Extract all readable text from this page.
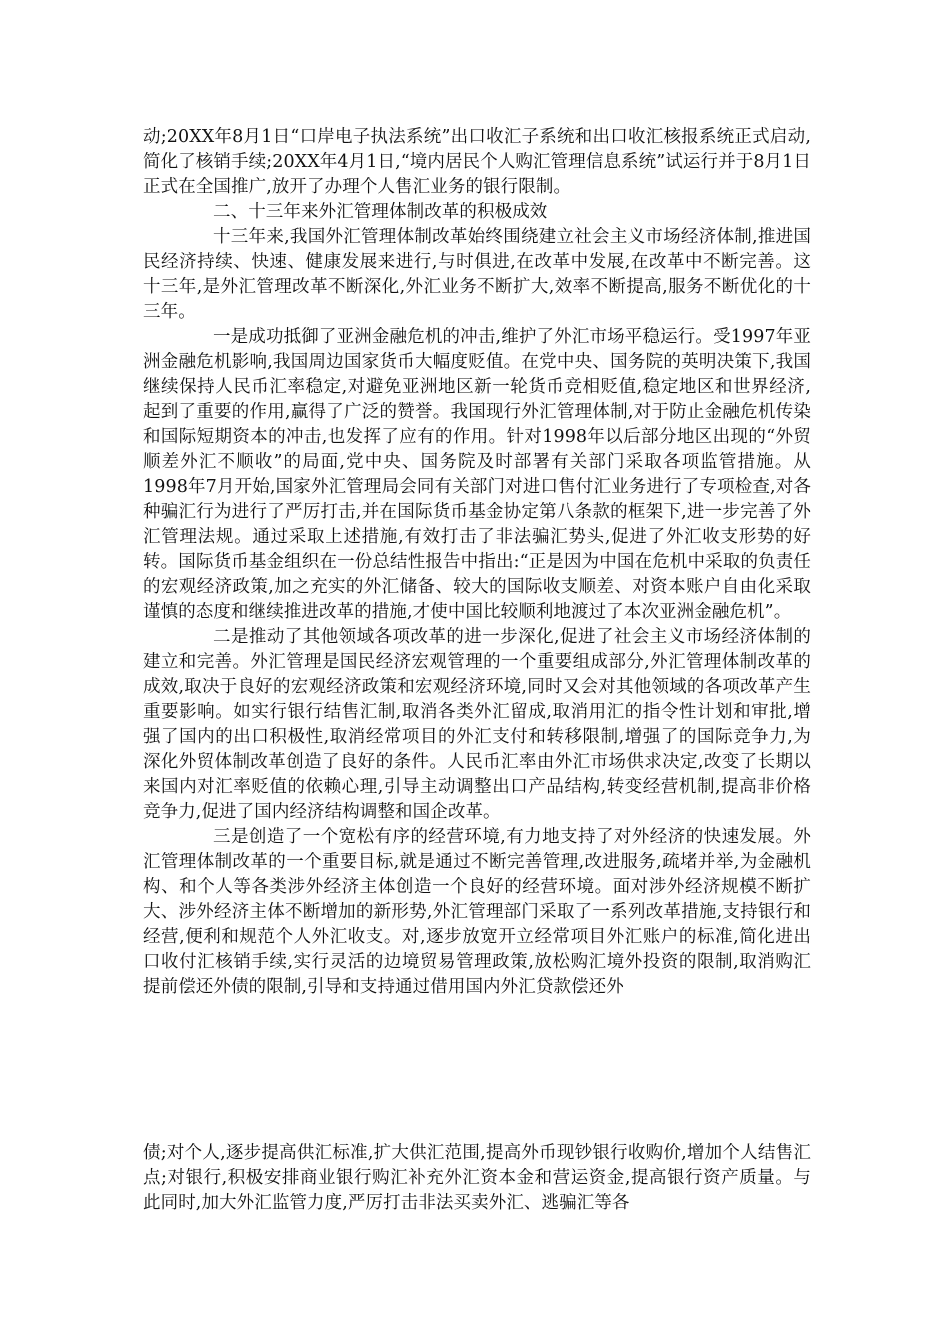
动;20XX年8月1日“口岸电子执法系统”出口收汇子系统和出口收汇核报系统正式启动,简化了核销手续;20XX年4月1日,“境内居民个人购汇管理信息系统”试运行并于8月1日正式在全国推广,放开了办理个人售汇业务的银行限制。

二、十三年来外汇管理体制改革的积极成效

十三年来,我国外汇管理体制改革始终围绕建立社会主义市场经济体制,推进国民经济持续、快速、健康发展来进行,与时俱进,在改革中发展,在改革中不断完善。这十三年,是外汇管理改革不断深化,外汇业务不断扩大,效率不断提高,服务不断优化的十三年。

一是成功抵御了亚洲金融危机的冲击,维护了外汇市场平稳运行。受1997年亚洲金融危机影响,我国周边国家货币大幅度贬值。在党中央、国务院的英明决策下,我国继续保持人民币汇率稳定,对避免亚洲地区新一轮货币竞相贬值,稳定地区和世界经济,起到了重要的作用,赢得了广泛的赞誉。我国现行外汇管理体制,对于防止金融危机传染和国际短期资本的冲击,也发挥了应有的作用。针对1998年以后部分地区出现的“外贸顺差外汇不顺收”的局面,党中央、国务院及时部署有关部门采取各项监管措施。从1998年7月开始,国家外汇管理局会同有关部门对进口售付汇业务进行了专项检查,对各种骗汇行为进行了严厉打击,并在国际货币基金协定第八条款的框架下,进一步完善了外汇管理法规。通过采取上述措施,有效打击了非法骗汇势头,促进了外汇收支形势的好转。国际货币基金组织在一份总结性报告中指出:“正是因为中国在危机中采取的负责任的宏观经济政策,加之充实的外汇储备、较大的国际收支顺差、对资本账户自由化采取谨慎的态度和继续推进改革的措施,才使中国比较顺利地渡过了本次亚洲金融危机”。

二是推动了其他领域各项改革的进一步深化,促进了社会主义市场经济体制的建立和完善。外汇管理是国民经济宏观管理的一个重要组成部分,外汇管理体制改革的成效,取决于良好的宏观经济政策和宏观经济环境,同时又会对其他领域的各项改革产生重要影响。如实行银行结售汇制,取消各类外汇留成,取消用汇的指令性计划和审批,增强了国内的出口积极性,取消经常项目的外汇支付和转移限制,增强了的国际竞争力,为深化外贸体制改革创造了良好的条件。人民币汇率由外汇市场供求决定,改变了长期以来国内对汇率贬值的依赖心理,引导主动调整出口产品结构,转变经营机制,提高非价格竞争力,促进了国内经济结构调整和国企改革。

三是创造了一个宽松有序的经营环境,有力地支持了对外经济的快速发展。外汇管理体制改革的一个重要目标,就是通过不断完善管理,改进服务,疏堵并举,为金融机构、和个人等各类涉外经济主体创造一个良好的经营环境。面对涉外经济规模不断扩大、涉外经济主体不断增加的新形势,外汇管理部门采取了一系列改革措施,支持银行和经营,便利和规范个人外汇收支。对,逐步放宽开立经常项目外汇账户的标准,简化进出口收付汇核销手续,实行灵活的边境贸易管理政策,放松购汇境外投资的限制,取消购汇提前偿还外债的限制,引导和支持通过借用国内外汇贷款偿还外

债;对个人,逐步提高供汇标准,扩大供汇范围,提高外币现钞银行收购价,增加个人结售汇点;对银行,积极安排商业银行购汇补充外汇资本金和营运资金,提高银行资产质量。与此同时,加大外汇监管力度,严厉打击非法买卖外汇、逃骗汇等各
